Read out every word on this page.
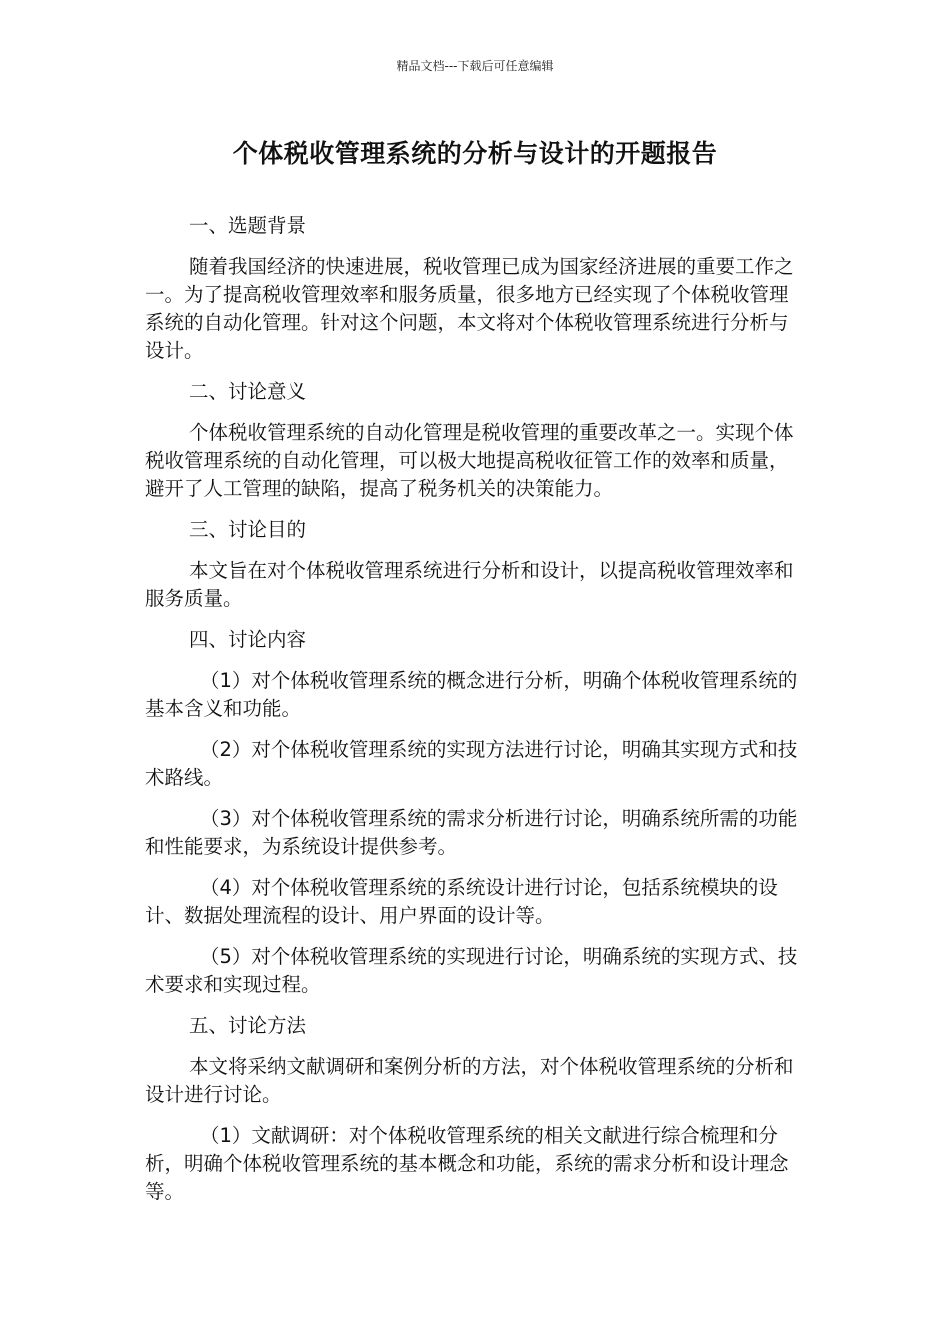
精品文档---下载后可任意编辑
个体税收管理系统的分析与设计的开题报告
一、选题背景
随着我国经济的快速进展，税收管理已成为国家经济进展的重要工作之一。为了提高税收管理效率和服务质量，很多地方已经实现了个体税收管理系统的自动化管理。针对这个问题，本文将对个体税收管理系统进行分析与设计。
二、讨论意义
个体税收管理系统的自动化管理是税收管理的重要改革之一。实现个体税收管理系统的自动化管理，可以极大地提高税收征管工作的效率和质量，避开了人工管理的缺陷，提高了税务机关的决策能力。
三、讨论目的
本文旨在对个体税收管理系统进行分析和设计，以提高税收管理效率和服务质量。
四、讨论内容
（1）对个体税收管理系统的概念进行分析，明确个体税收管理系统的基本含义和功能。
（2）对个体税收管理系统的实现方法进行讨论，明确其实现方式和技术路线。
（3）对个体税收管理系统的需求分析进行讨论，明确系统所需的功能和性能要求，为系统设计提供参考。
（4）对个体税收管理系统的系统设计进行讨论，包括系统模块的设计、数据处理流程的设计、用户界面的设计等。
（5）对个体税收管理系统的实现进行讨论，明确系统的实现方式、技术要求和实现过程。
五、讨论方法
本文将采纳文献调研和案例分析的方法，对个体税收管理系统的分析和设计进行讨论。
（1）文献调研：对个体税收管理系统的相关文献进行综合梳理和分析，明确个体税收管理系统的基本概念和功能，系统的需求分析和设计理念等。
